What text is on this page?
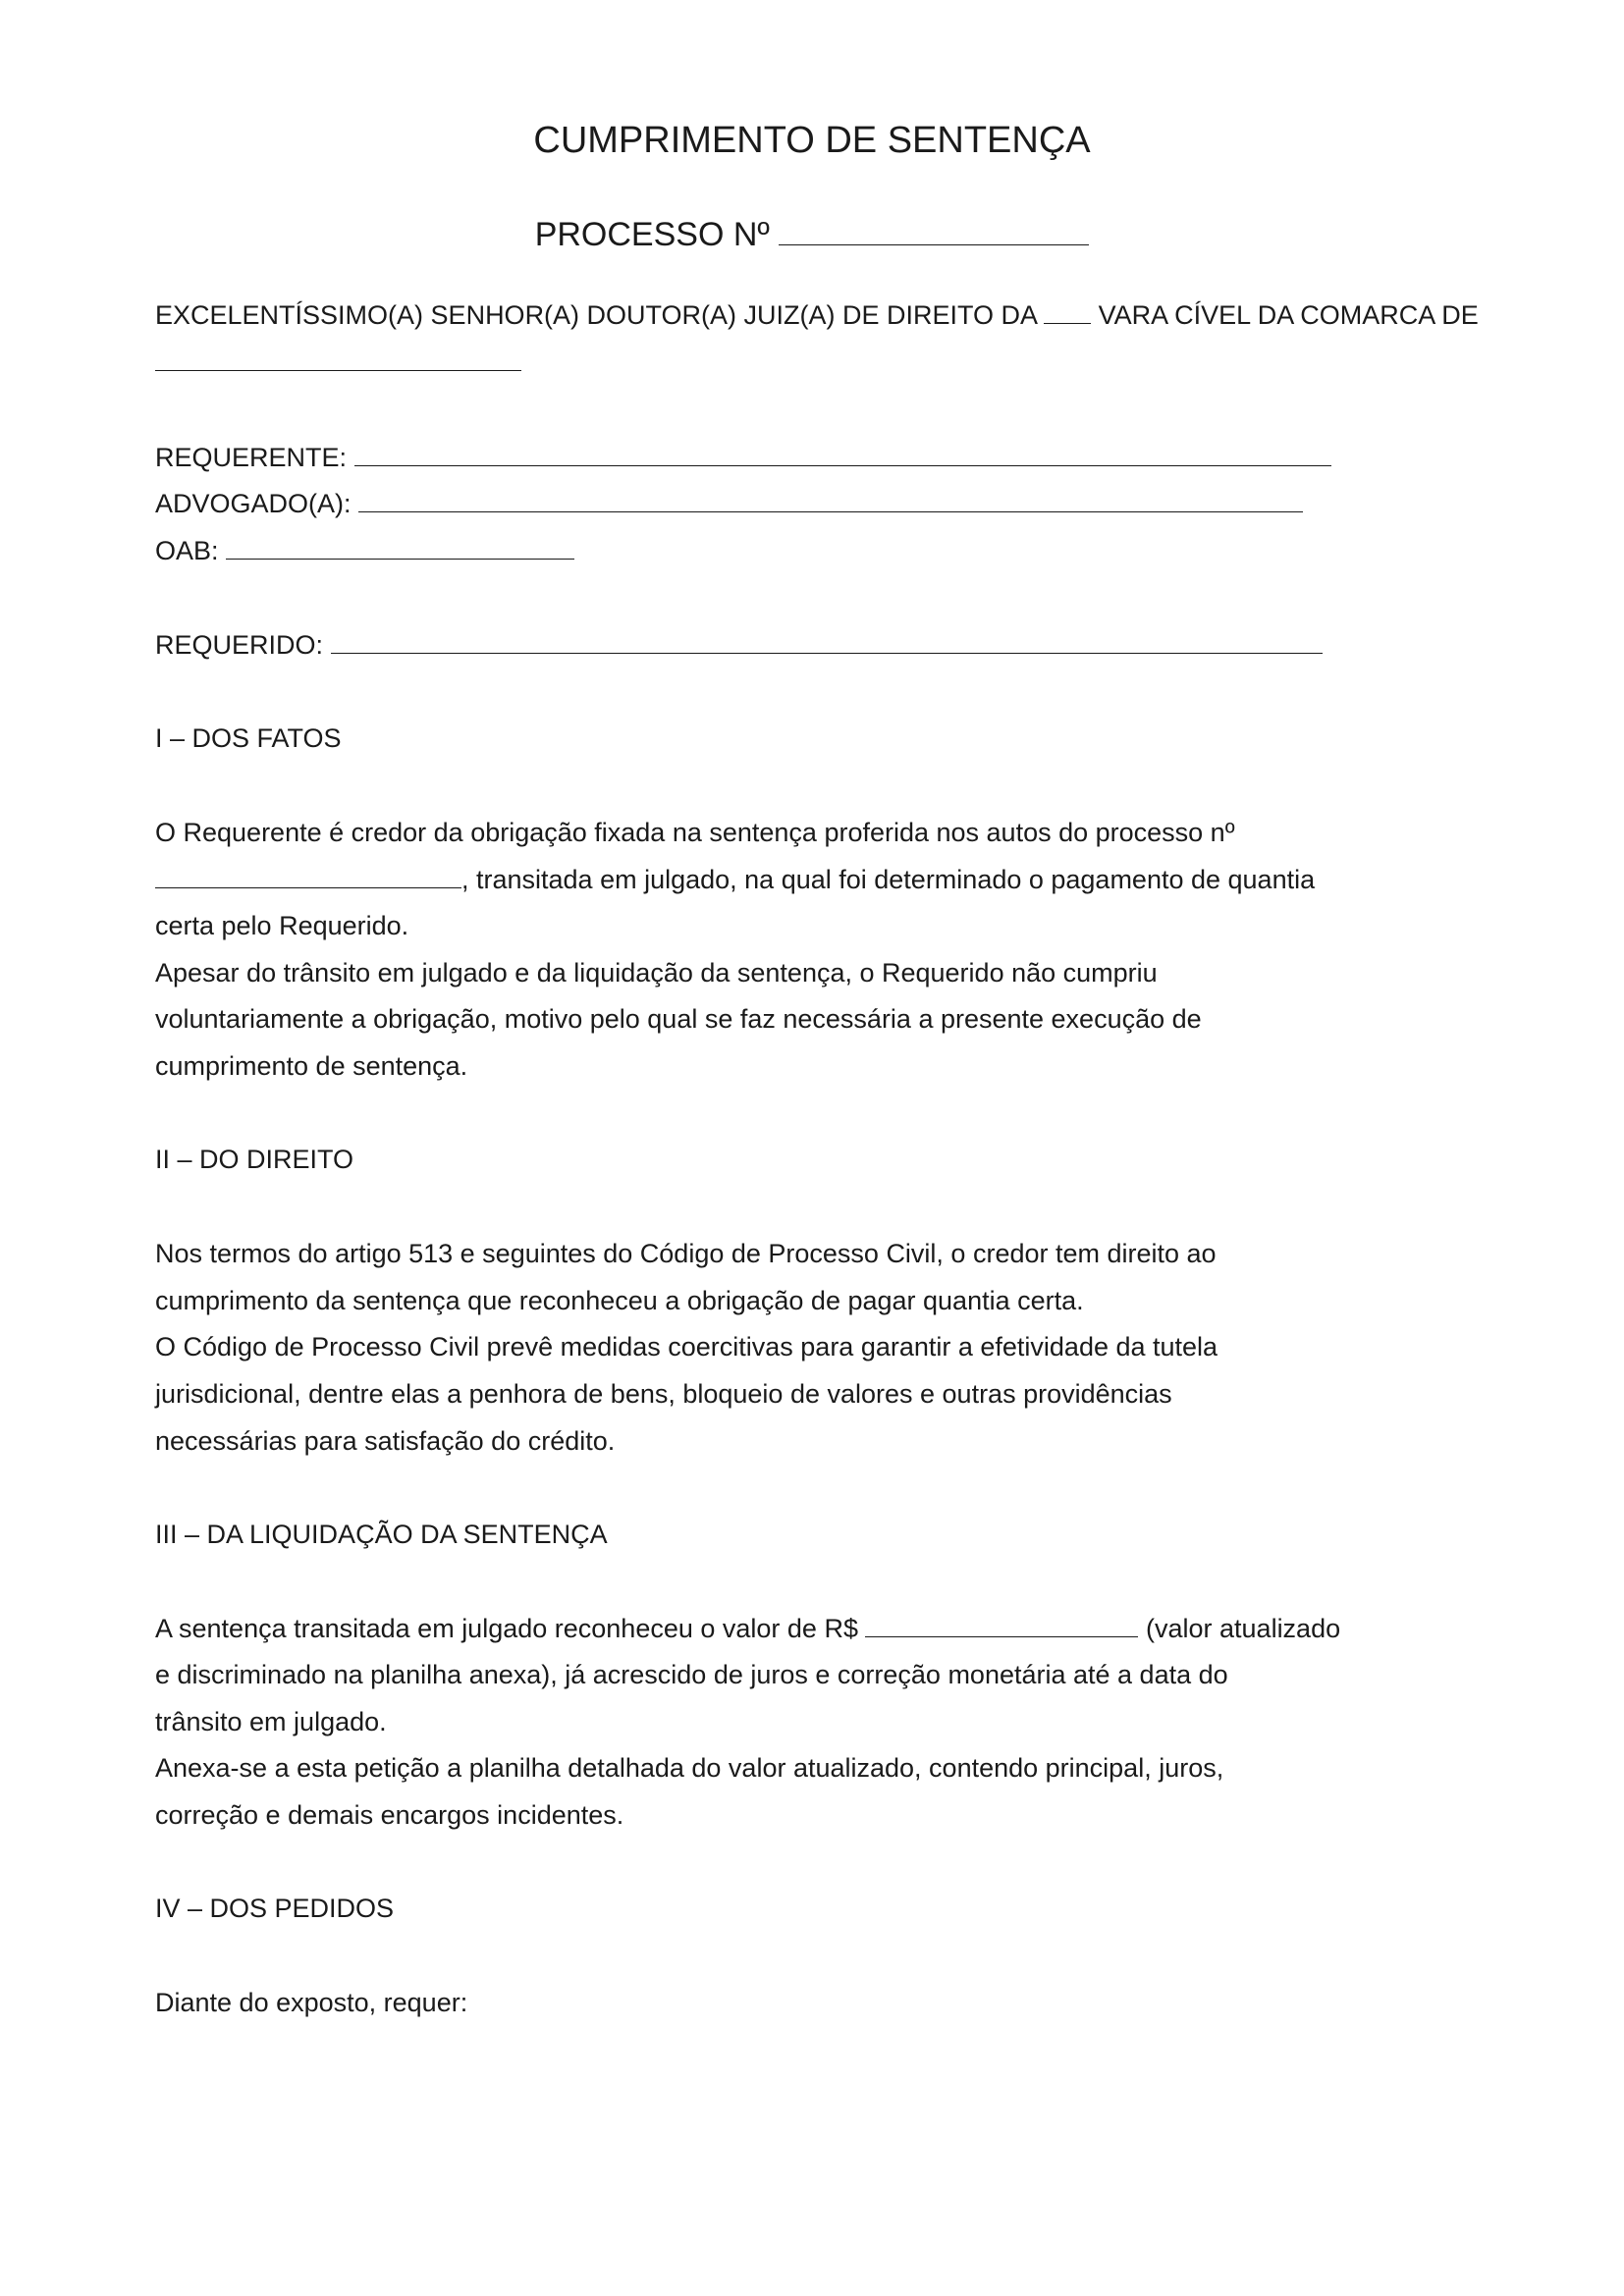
CUMPRIMENTO DE SENTENÇA

PROCESSO Nº

EXCELENTÍSSIMO(A) SENHOR(A) DOUTOR(A) JUIZ(A) DE DIREITO DA VARA CÍVEL DA COMARCA DE

REQUERENTE:

ADVOGADO(A):

OAB:

REQUERIDO:

I – DOS FATOS

O Requerente é credor da obrigação fixada na sentença proferida nos autos do processo nº

, transitada em julgado, na qual foi determinado o pagamento de quantia

certa pelo Requerido.

Apesar do trânsito em julgado e da liquidação da sentença, o Requerido não cumpriu

voluntariamente a obrigação, motivo pelo qual se faz necessária a presente execução de

cumprimento de sentença.

II – DO DIREITO

Nos termos do artigo 513 e seguintes do Código de Processo Civil, o credor tem direito ao

cumprimento da sentença que reconheceu a obrigação de pagar quantia certa.

O Código de Processo Civil prevê medidas coercitivas para garantir a efetividade da tutela

jurisdicional, dentre elas a penhora de bens, bloqueio de valores e outras providências

necessárias para satisfação do crédito.

III – DA LIQUIDAÇÃO DA SENTENÇA

A sentença transitada em julgado reconheceu o valor de R$	(valor atualizado

e discriminado na planilha anexa), já acrescido de juros e correção monetária até a data do

trânsito em julgado.

Anexa-se a esta petição a planilha detalhada do valor atualizado, contendo principal, juros,

correção e demais encargos incidentes.

IV – DOS PEDIDOS

Diante do exposto, requer:
